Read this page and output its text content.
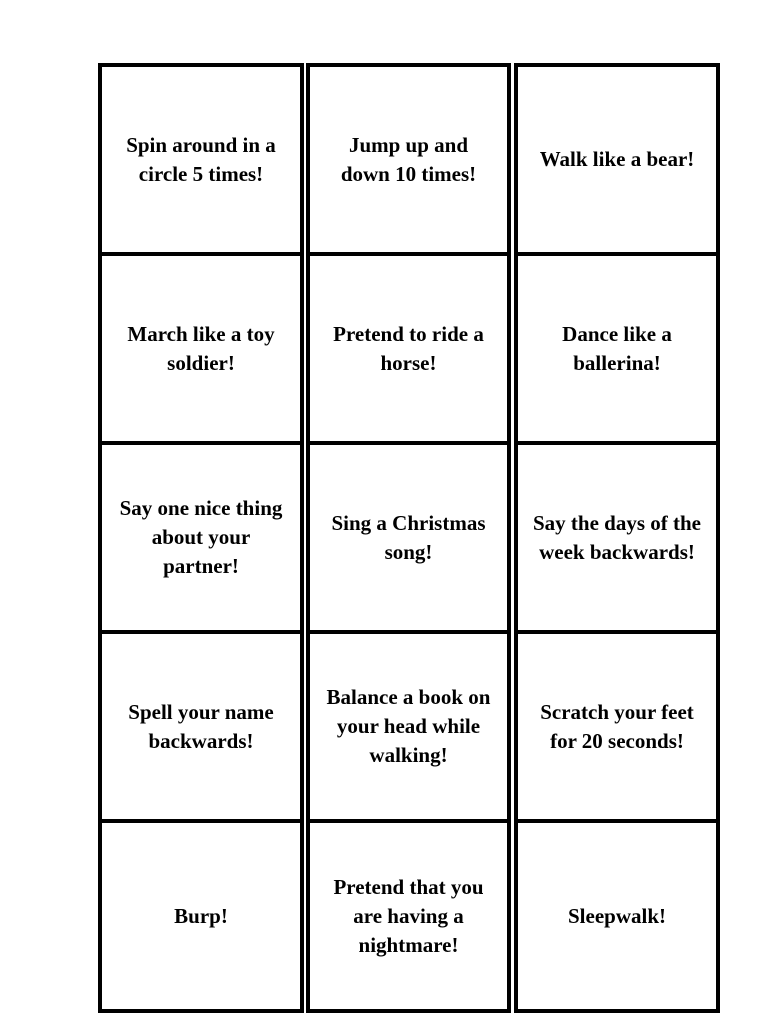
Spin around in a circle 5 times!
Jump up and down 10 times!
Walk like a bear!
March like a toy soldier!
Pretend to ride a horse!
Dance like a ballerina!
Say one nice thing about your partner!
Sing a Christmas song!
Say the days of the week backwards!
Spell your name backwards!
Balance a book on your head while walking!
Scratch your feet for 20 seconds!
Burp!
Pretend that you are having a nightmare!
Sleepwalk!
